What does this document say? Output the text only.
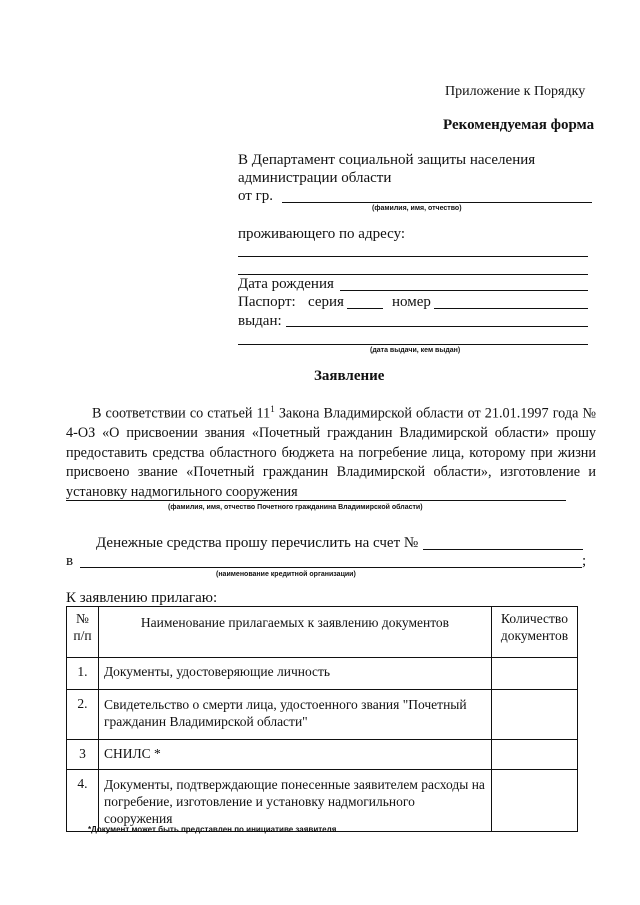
Приложение к Порядку
Рекомендуемая форма
В Департамент социальной защиты населения
администрации области
от гр.
(фамилия, имя, отчество)
проживающего по адресу:
Дата рождения
Паспорт: серия	номер
выдан:
(дата выдачи, кем выдан)
Заявление
В соответствии со статьей $11^1$ Закона Владимирской области от 21.01.1997 года № 4-ОЗ «О присвоении звания «Почетный гражданин Владимирской области» прошу предоставить средства областного бюджета на погребение лица, которому при жизни присвоено звание «Почетный гражданин Владимирской области», изготовление и установку надмогильного сооружения
(фамилия, имя, отчество Почетного гражданина Владимирской области)
Денежные средства прошу перечислить на счет №
в	;
(наименование кредитной организации)
К заявлению прилагаю:
№ п/п	Наименование прилагаемых к заявлению документов	Количество документов
1.	Документы, удостоверяющие личность	
2.	Свидетельство о смерти лица, удостоенного звания "Почетный гражданин Владимирской области"	
3	СНИЛС *	
4.	Документы, подтверждающие понесенные заявителем расходы на погребение, изготовление и установку надмогильного сооружения	
*Документ может быть представлен по инициативе заявителя
